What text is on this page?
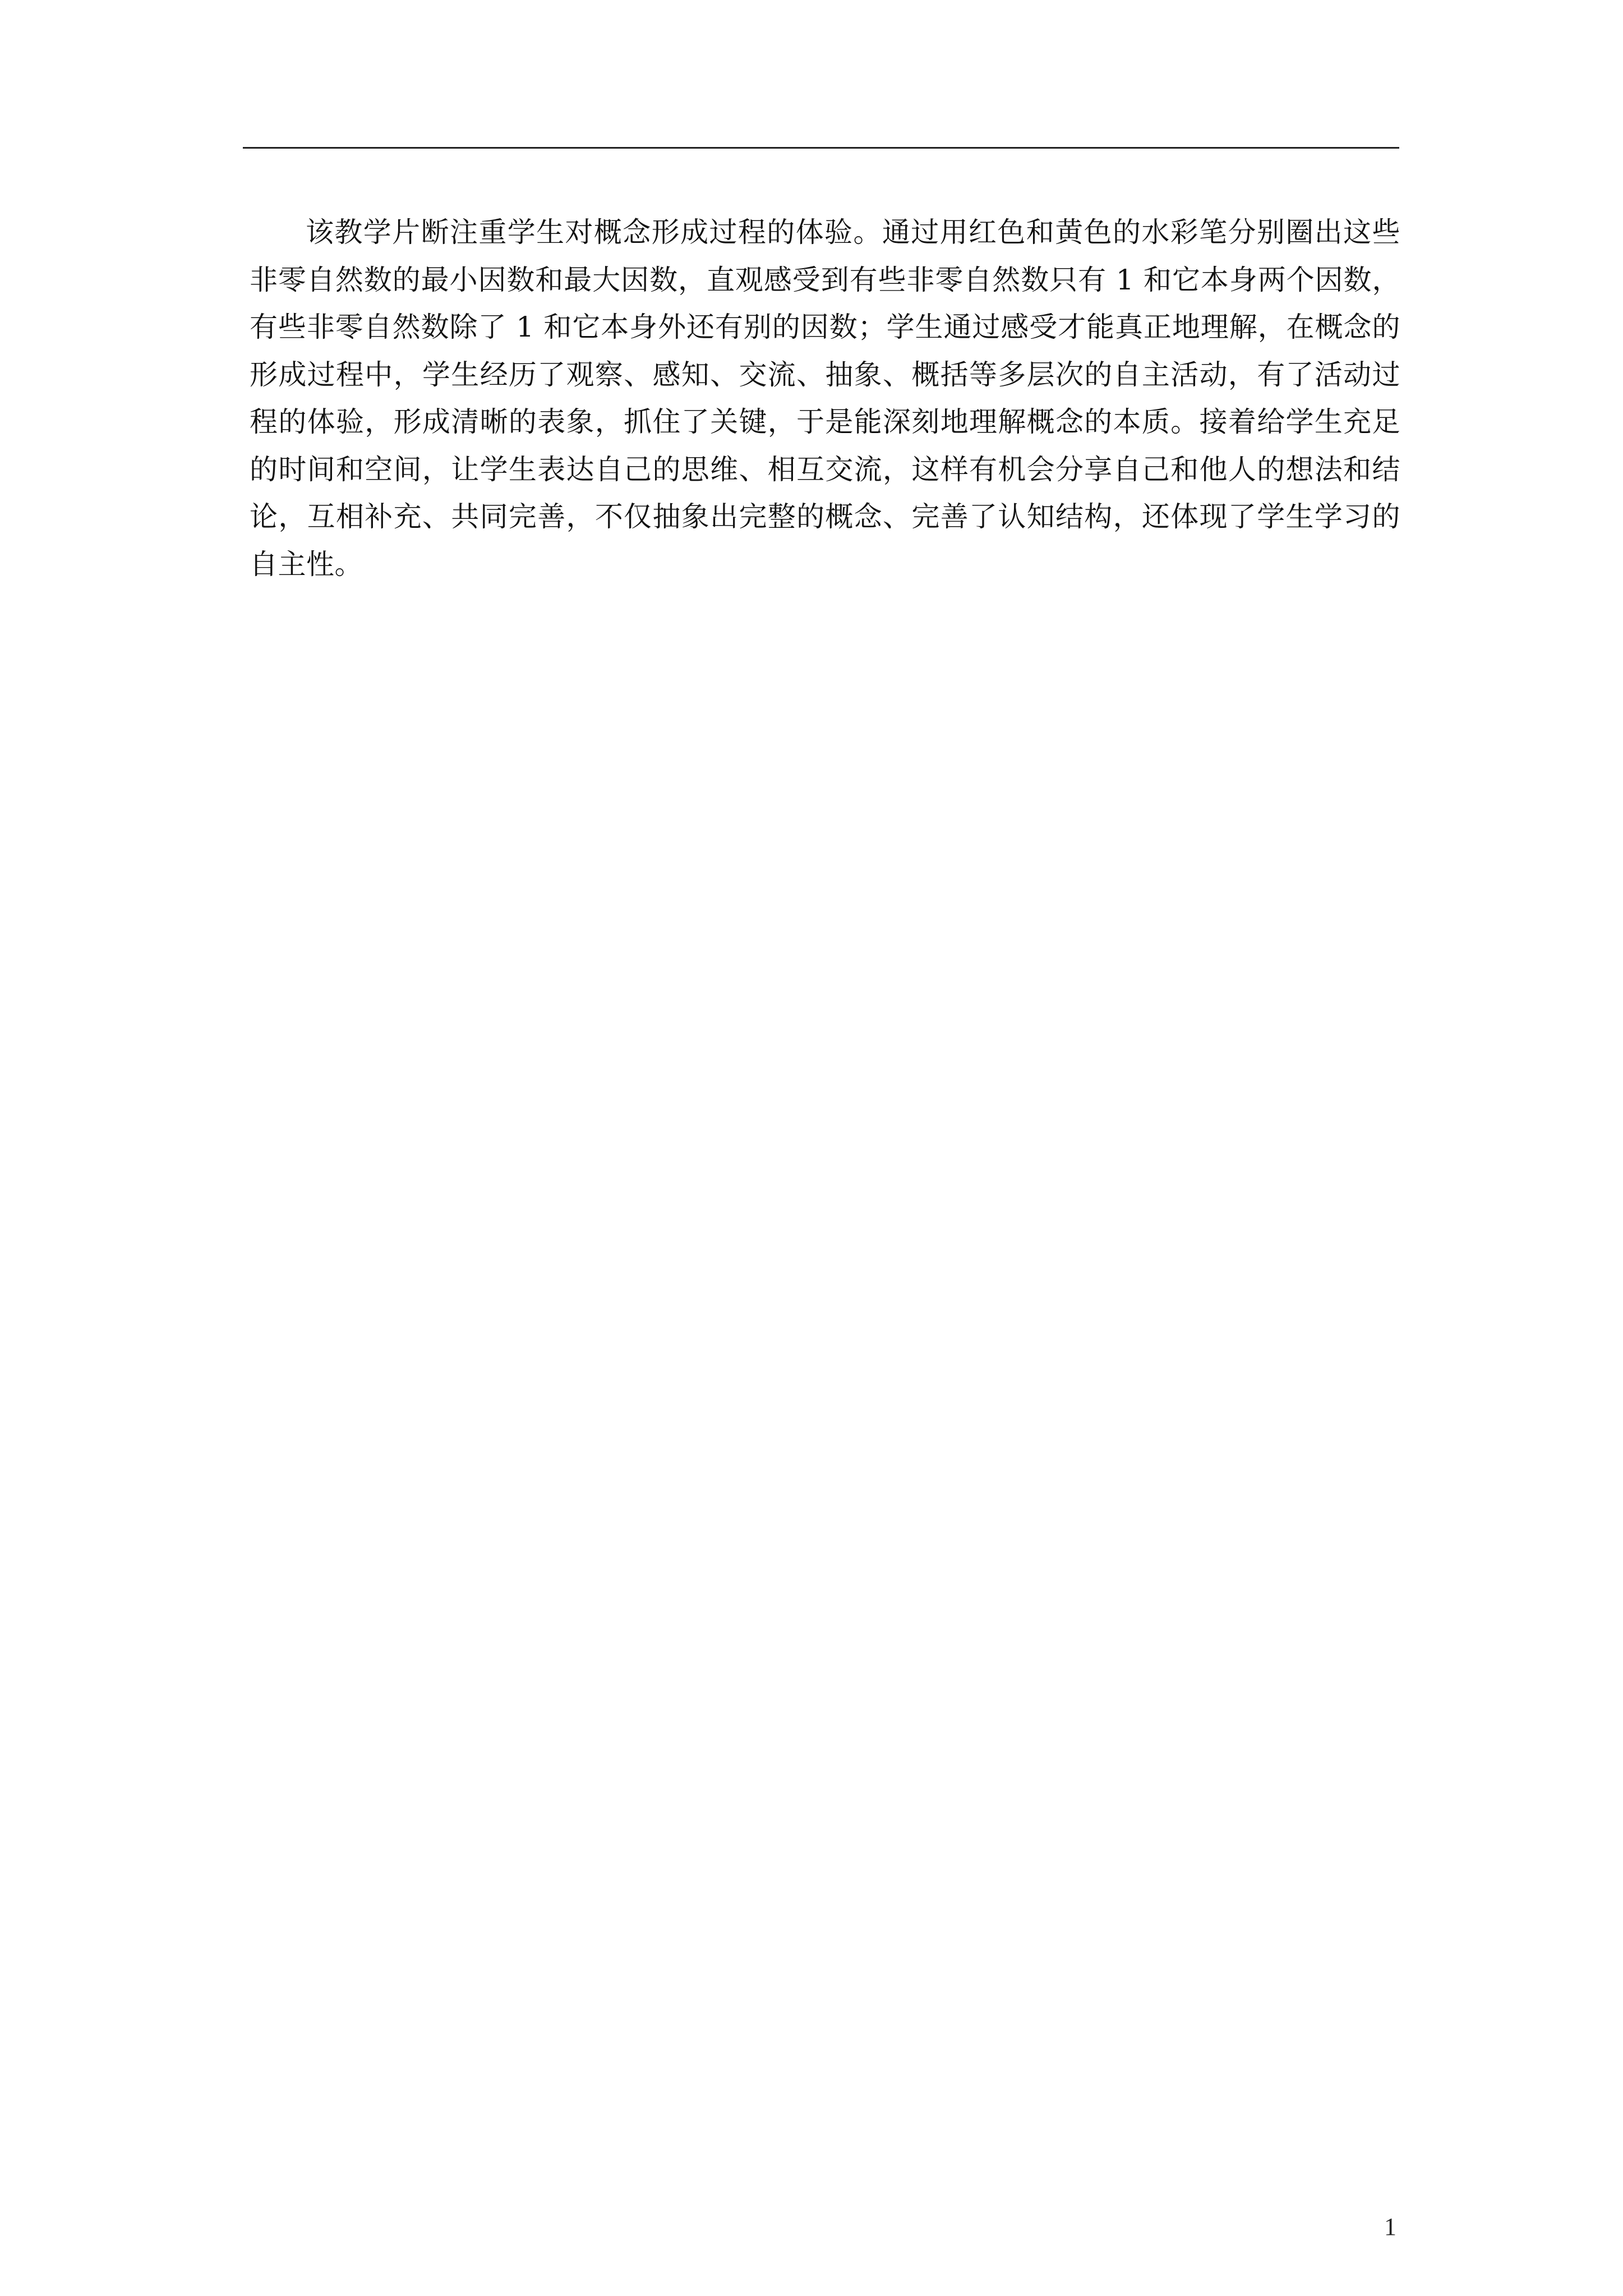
该教学片断注重学生对概念形成过程的体验。通过用红色和黄色的水彩笔分别圈出这些非零自然数的最小因数和最大因数，直观感受到有些非零自然数只有 1 和它本身两个因数，有些非零自然数除了 1 和它本身外还有别的因数；学生通过感受才能真正地理解，在概念的形成过程中，学生经历了观察、感知、交流、抽象、概括等多层次的自主活动，有了活动过程的体验，形成清晰的表象，抓住了关键，于是能深刻地理解概念的本质。接着给学生充足的时间和空间，让学生表达自己的思维、相互交流，这样有机会分享自己和他人的想法和结论，互相补充、共同完善，不仅抽象出完整的概念、完善了认知结构，还体现了学生学习的自主性。

1
